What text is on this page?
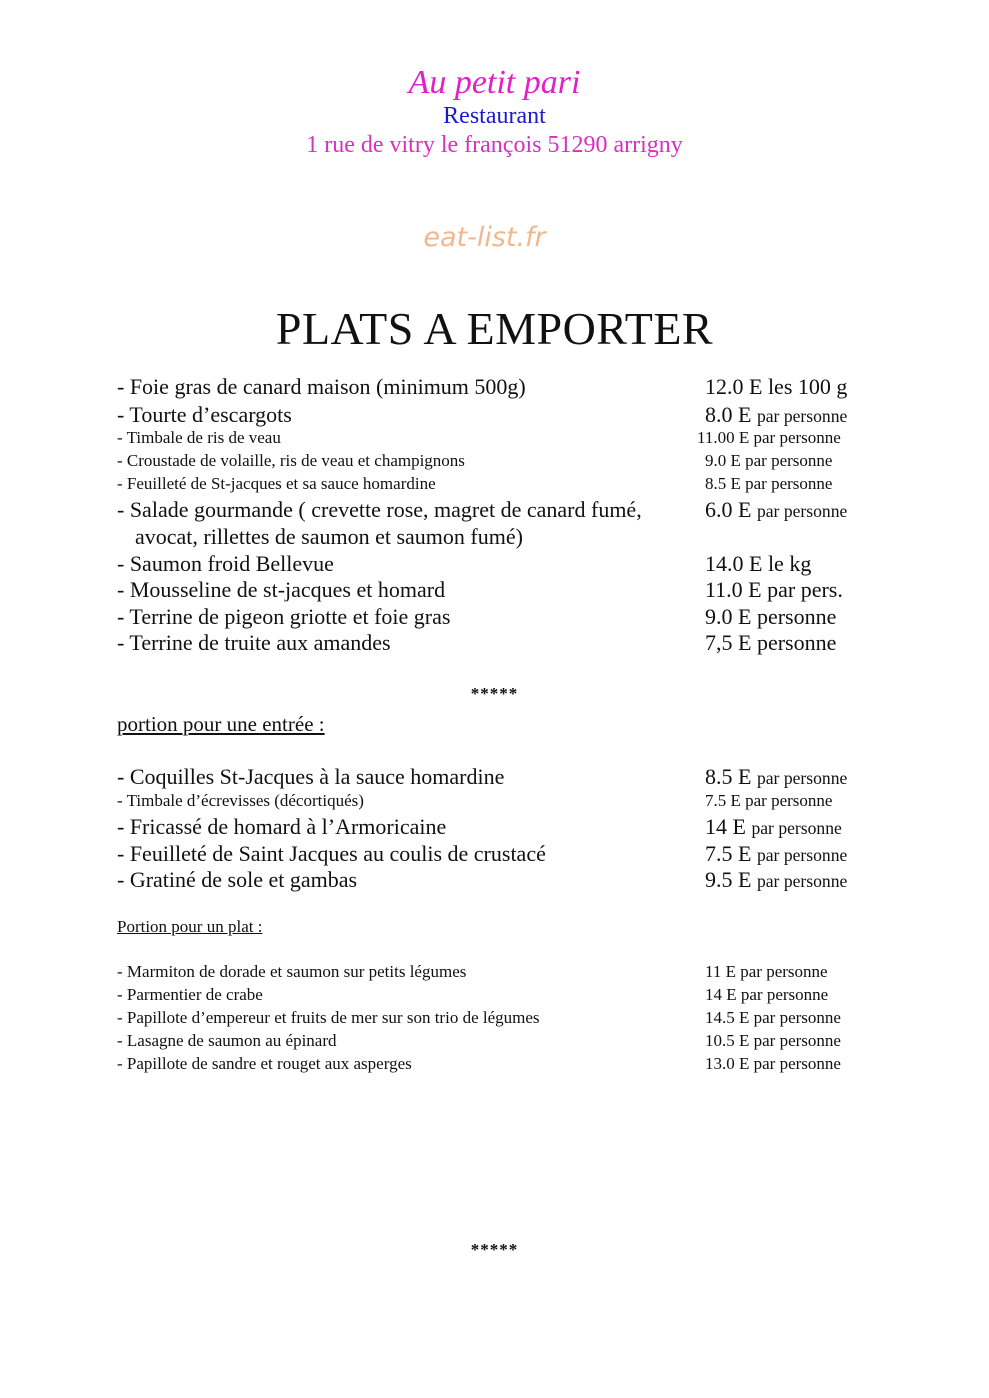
Au petit pari
Restaurant
1 rue de vitry le françois 51290 arrigny
eat-list.fr
PLATS A EMPORTER
- Foie gras de canard maison (minimum 500g)	12.0 E les 100 g
- Tourte d’escargots	8.0 E par personne
- Timbale de ris de veau	11.00 E par personne
- Croustade de volaille, ris de veau et champignons	9.0 E par personne
- Feuilleté de St-jacques et sa sauce homardine	8.5 E par personne
- Salade gourmande ( crevette rose, magret de canard fumé,	6.0 E par personne
avocat, rillettes de saumon et saumon fumé)
- Saumon froid Bellevue	14.0 E le kg
- Mousseline de st-jacques et homard	11.0 E par pers.
- Terrine de pigeon griotte et foie gras	9.0 E personne
- Terrine de truite aux amandes	7,5 E personne
*****
portion pour une entrée :
- Coquilles St-Jacques à la sauce homardine	8.5 E par personne
- Timbale d’écrevisses (décortiqués)	7.5 E par personne
- Fricassé de homard à l’Armoricaine	14 E par personne
- Feuilleté de Saint Jacques au coulis de crustacé	7.5 E par personne
- Gratiné de sole et gambas	9.5 E par personne
Portion pour un plat :
- Marmiton de dorade et saumon sur petits légumes	11 E par personne
- Parmentier de crabe	14 E par personne
- Papillote d’empereur et fruits de mer sur son trio de légumes	14.5 E par personne
- Lasagne de saumon au épinard	10.5 E par personne
- Papillote de sandre et rouget aux asperges	13.0 E par personne
*****
